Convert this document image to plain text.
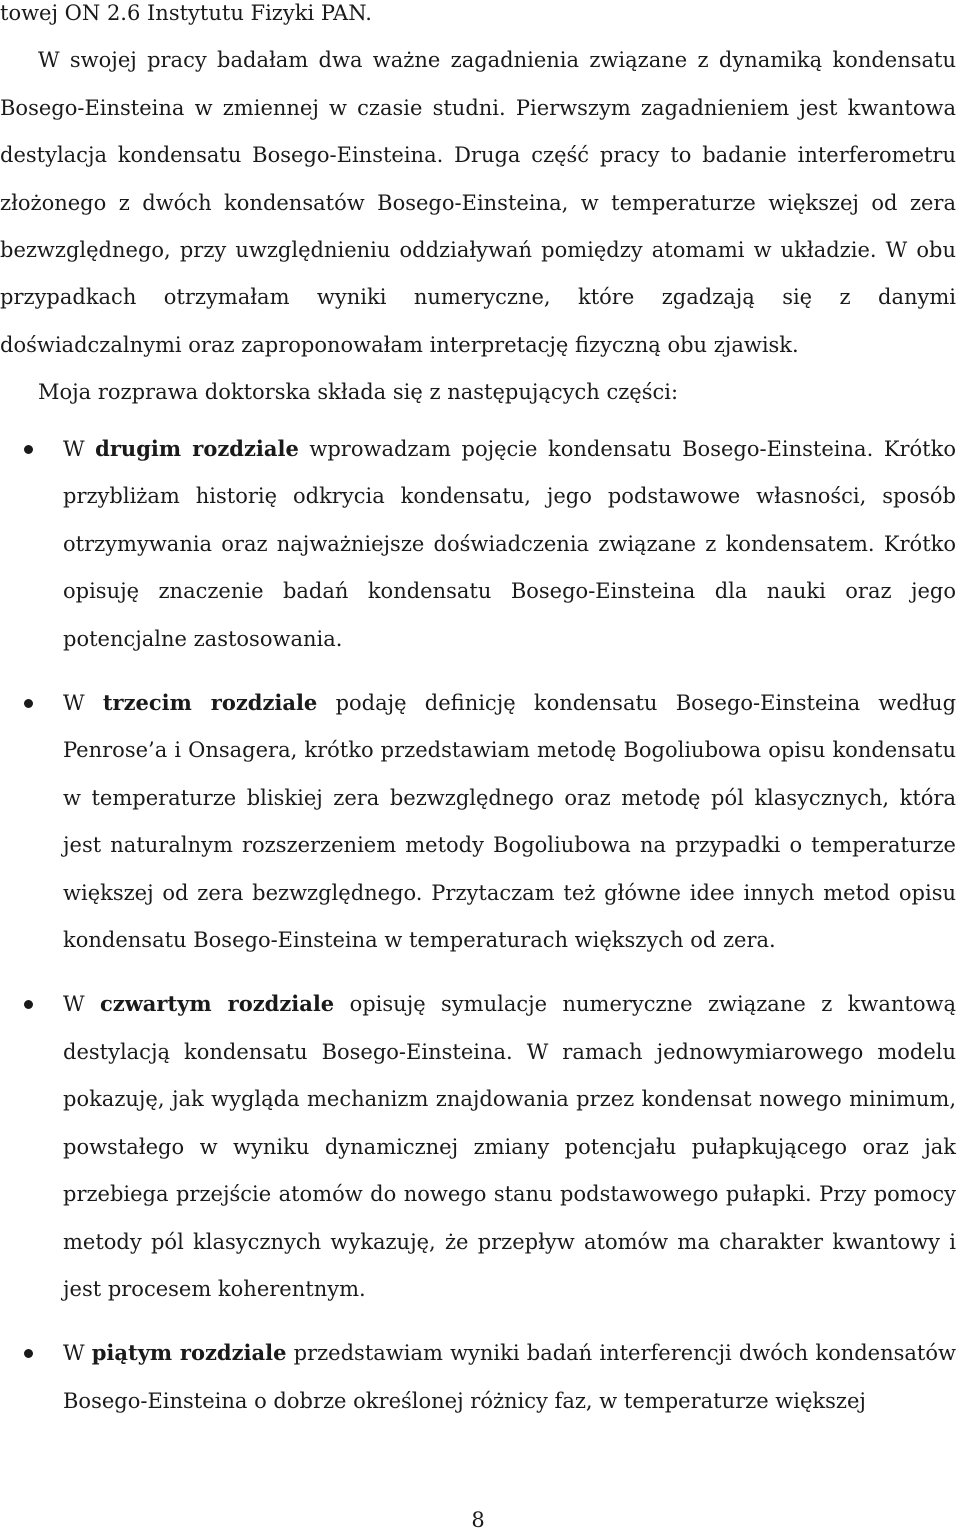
towej ON 2.6 Instytutu Fizyki PAN.

W swojej pracy badałam dwa ważne zagadnienia związane z dynamiką kondensatu Bosego-Einsteina w zmiennej w czasie studni. Pierwszym zagadnieniem jest kwantowa destylacja kondensatu Bosego-Einsteina. Druga część pracy to badanie interferometru złożonego z dwóch kondensatów Bosego-Einsteina, w temperaturze większej od zera bezwzględnego, przy uwzględnieniu oddziaływań pomiędzy atomami w układzie. W obu przypadkach otrzymałam wyniki numeryczne, które zgadzają się z danymi doświadczalnymi oraz zaproponowałam interpretację fizyczną obu zjawisk.

Moja rozprawa doktorska składa się z następujących części:

W drugim rozdziale wprowadzam pojęcie kondensatu Bosego-Einsteina. Krótko przybliżam historię odkrycia kondensatu, jego podstawowe własności, sposób otrzymywania oraz najważniejsze doświadczenia związane z kondensatem. Krótko opisuję znaczenie badań kondensatu Bosego-Einsteina dla nauki oraz jego potencjalne zastosowania.
W trzecim rozdziale podaję definicję kondensatu Bosego-Einsteina według Penrose’a i Onsagera, krótko przedstawiam metodę Bogoliubowa opisu kondensatu w temperaturze bliskiej zera bezwzględnego oraz metodę pól klasycznych, która jest naturalnym rozszerzeniem metody Bogoliubowa na przypadki o temperaturze większej od zera bezwzględnego. Przytaczam też główne idee innych metod opisu kondensatu Bosego-Einsteina w temperaturach większych od zera.
W czwartym rozdziale opisuję symulacje numeryczne związane z kwantową destylacją kondensatu Bosego-Einsteina. W ramach jednowymiarowego modelu pokazuję, jak wygląda mechanizm znajdowania przez kondensat nowego minimum, powstałego w wyniku dynamicznej zmiany potencjału pułapkującego oraz jak przebiega przejście atomów do nowego stanu podstawowego pułapki. Przy pomocy metody pól klasycznych wykazuję, że przepływ atomów ma charakter kwantowy i jest procesem koherentnym.
W piątym rozdziale przedstawiam wyniki badań interferencji dwóch kondensatów Bosego-Einsteina o dobrze określonej różnicy faz, w temperaturze większej
8
